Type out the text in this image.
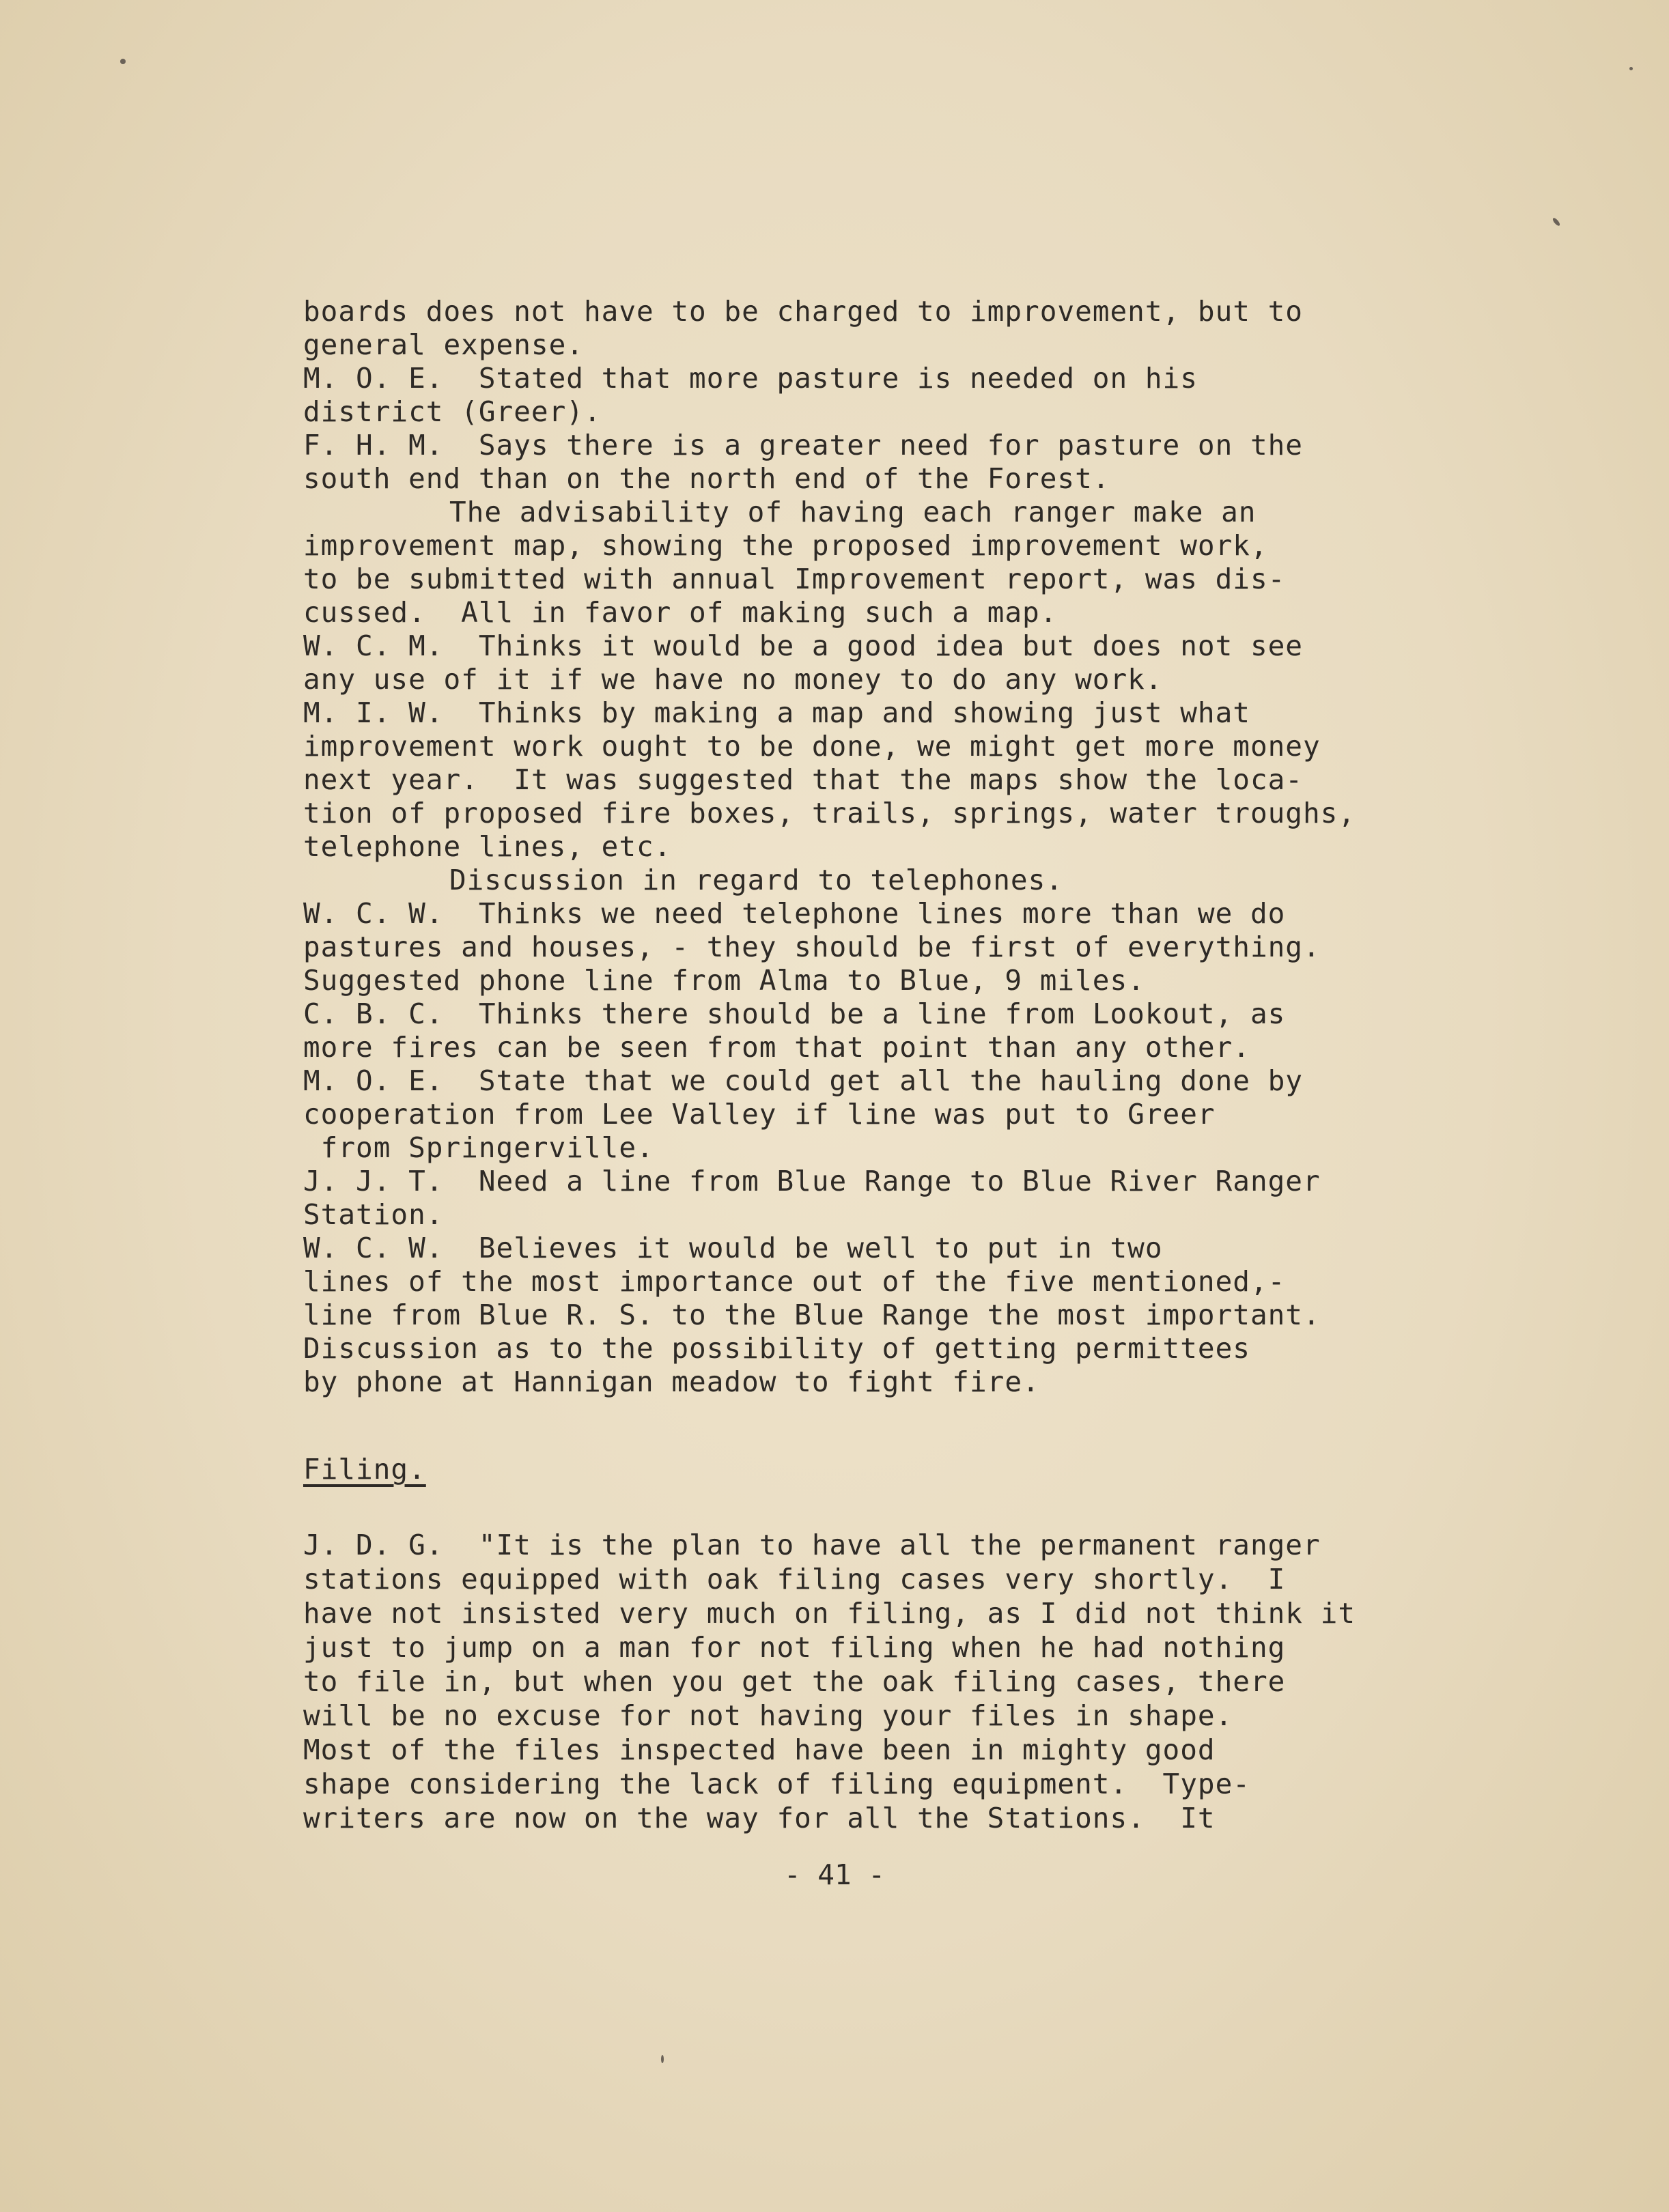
boards does not have to be charged to improvement, but to
general expense.
M. O. E.  Stated that more pasture is needed on his
district (Greer).
F. H. M.  Says there is a greater need for pasture on the
south end than on the north end of the Forest.
The advisability of having each ranger make an
improvement map, showing the proposed improvement work,
to be submitted with annual Improvement report, was dis-
cussed.  All in favor of making such a map.
W. C. M.  Thinks it would be a good idea but does not see
any use of it if we have no money to do any work.
M. I. W.  Thinks by making a map and showing just what
improvement work ought to be done, we might get more money
next year.  It was suggested that the maps show the loca-
tion of proposed fire boxes, trails, springs, water troughs,
telephone lines, etc.
Discussion in regard to telephones.
W. C. W.  Thinks we need telephone lines more than we do
pastures and houses, - they should be first of everything.
Suggested phone line from Alma to Blue, 9 miles.
C. B. C.  Thinks there should be a line from Lookout, as
more fires can be seen from that point than any other.
M. O. E.  State that we could get all the hauling done by
cooperation from Lee Valley if line was put to Greer
from Springerville.
J. J. T.  Need a line from Blue Range to Blue River Ranger
Station.
W. C. W.  Believes it would be well to put in two
lines of the most importance out of the five mentioned,-
line from Blue R. S. to the Blue Range the most important.
Discussion as to the possibility of getting permittees
by phone at Hannigan meadow to fight fire.
Filing.
J. D. G.  "It is the plan to have all the permanent ranger
stations equipped with oak filing cases very shortly.  I
have not insisted very much on filing, as I did not think it
just to jump on a man for not filing when he had nothing
to file in, but when you get the oak filing cases, there
will be no excuse for not having your files in shape.
Most of the files inspected have been in mighty good
shape considering the lack of filing equipment.  Type-
writers are now on the way for all the Stations.  It
- 41 -
